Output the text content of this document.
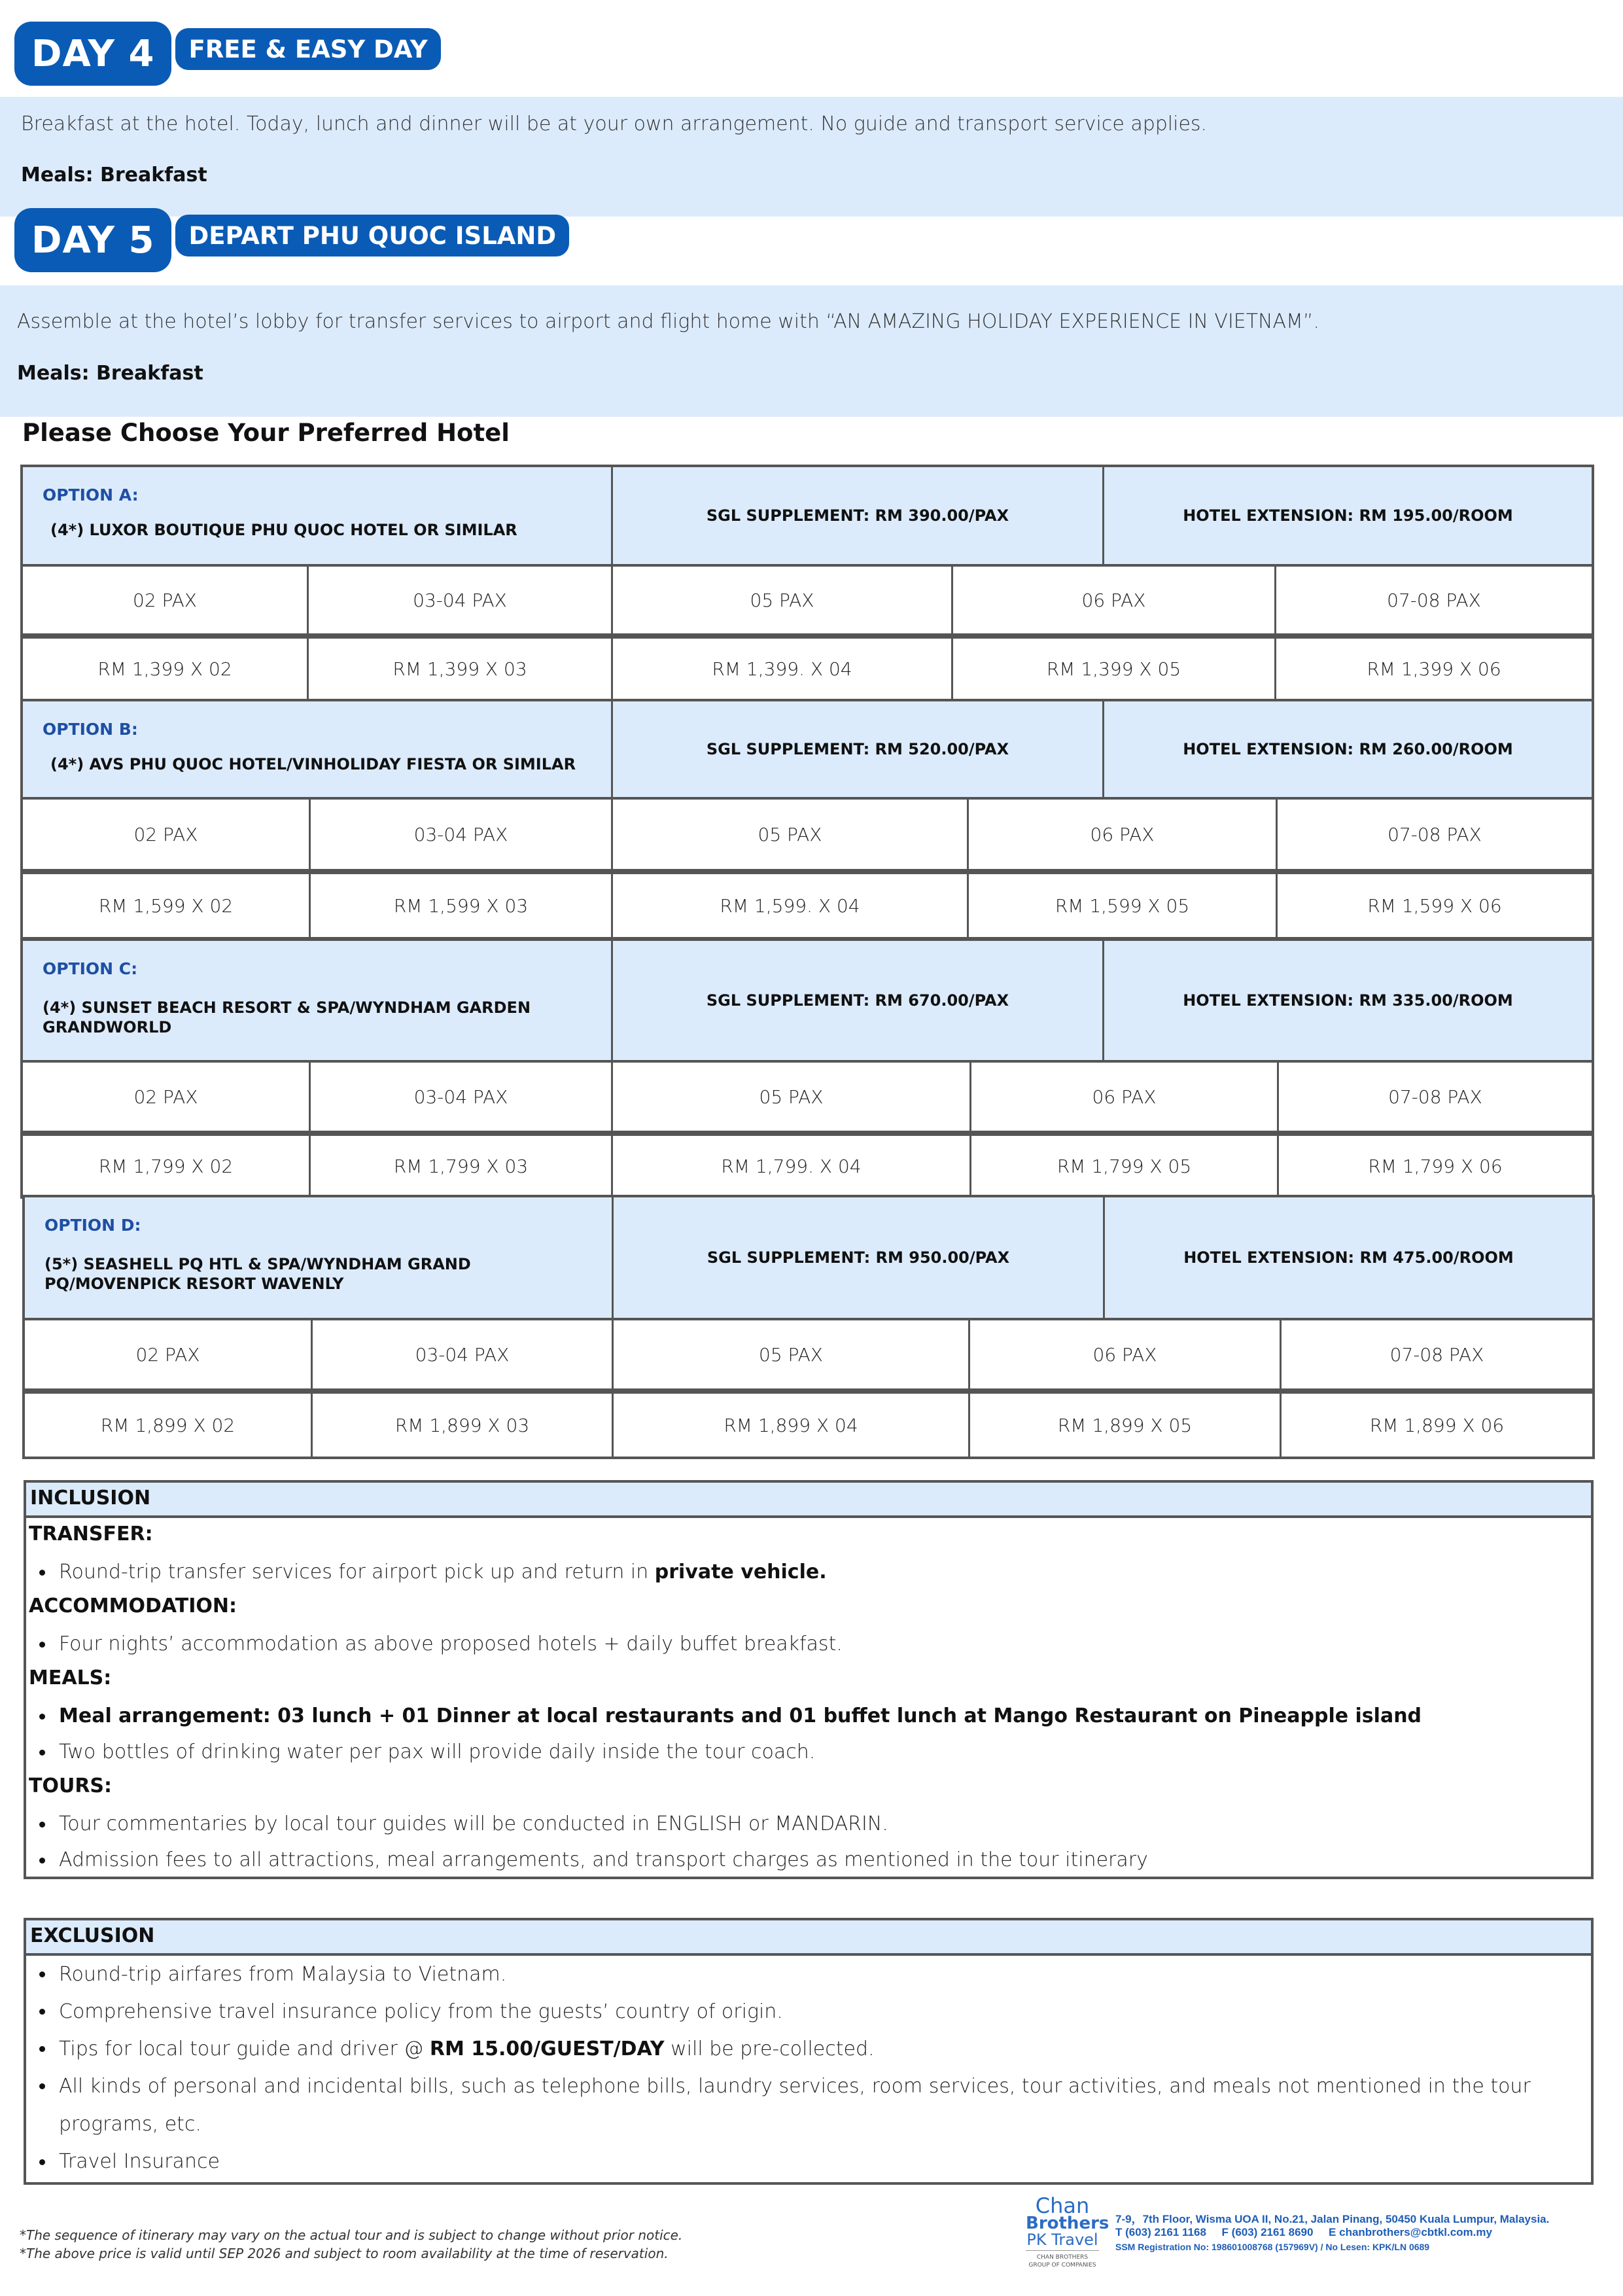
Breakfast at the hotel. Today, lunch and dinner will be at your own arrangement. No guide and transport service applies.
Meals: Breakfast
DAY 4	FREE & EASY DAY
Assemble at the hotel’s lobby for transfer services to airport and flight home with “AN AMAZING HOLIDAY EXPERIENCE IN VIETNAM”.
Meals: Breakfast
DAY 5	DEPART PHU QUOC ISLAND
Please Choose Your Preferred Hotel
OPTION A:
(4*) LUXOR BOUTIQUE PHU QUOC HOTEL OR SIMILAR
SGL SUPPLEMENT: RM 390.00/PAX	HOTEL EXTENSION: RM 195.00/ROOM
02 PAX	03-04 PAX	05 PAX	06 PAX	07-08 PAX
RM 1,399 X 02	RM 1,399 X 03	RM 1,399. X 04	RM 1,399 X 05	RM 1,399 X 06
OPTION B:
(4*) AVS PHU QUOC HOTEL/VINHOLIDAY FIESTA OR SIMILAR
SGL SUPPLEMENT: RM 520.00/PAX	HOTEL EXTENSION: RM 260.00/ROOM
02 PAX	03-04 PAX	05 PAX	06 PAX	07-08 PAX
RM 1,599 X 02	RM 1,599 X 03	RM 1,599. X 04	RM 1,599 X 05	RM 1,599 X 06
OPTION C:
(4*) SUNSET BEACH RESORT & SPA/WYNDHAM GARDEN GRANDWORLD
SGL SUPPLEMENT: RM 670.00/PAX	HOTEL EXTENSION: RM 335.00/ROOM
02 PAX	03-04 PAX	05 PAX	06 PAX	07-08 PAX
RM 1,799 X 02	RM 1,799 X 03	RM 1,799. X 04	RM 1,799 X 05	RM 1,799 X 06
OPTION D:
(5*) SEASHELL PQ HTL & SPA/WYNDHAM GRAND PQ/MOVENPICK RESORT WAVENLY
SGL SUPPLEMENT: RM 950.00/PAX	HOTEL EXTENSION: RM 475.00/ROOM
02 PAX	03-04 PAX	05 PAX	06 PAX	07-08 PAX
RM 1,899 X 02	RM 1,899 X 03	RM 1,899 X 04	RM 1,899 X 05	RM 1,899 X 06
INCLUSION
TRANSFER:
Round-trip transfer services for airport pick up and return in private vehicle.
ACCOMMODATION:
Four nights’ accommodation as above proposed hotels + daily buffet breakfast.
MEALS:
Meal arrangement: 03 lunch + 01 Dinner at local restaurants and 01 buffet lunch at Mango Restaurant on Pineapple island
Two bottles of drinking water per pax will provide daily inside the tour coach.
TOURS:
Tour commentaries by local tour guides will be conducted in ENGLISH or MANDARIN.
Admission fees to all attractions, meal arrangements, and transport charges as mentioned in the tour itinerary
EXCLUSION
Round-trip airfares from Malaysia to Vietnam.
Comprehensive travel insurance policy from the guests’ country of origin.
Tips for local tour guide and driver @ RM 15.00/GUEST/DAY will be pre-collected.
All kinds of personal and incidental bills, such as telephone bills, laundry services, room services, tour activities, and meals not mentioned in the tour
programs, etc.
Travel Insurance
*The sequence of itinerary may vary on the actual tour and is subject to change without prior notice.
*The above price is valid until SEP 2026 and subject to room availability at the time of reservation.
Chan
Brothers
PK Travel
CHAN BROTHERS GROUP OF COMPANIES
7-9，7th Floor, Wisma UOA II, No.21, Jalan Pinang, 50450 Kuala Lumpur, Malaysia.
T (603) 2161 1168     F (603) 2161 8690     E chanbrothers@cbtkl.com.my
SSM Registration No: 198601008768 (157969V) / No Lesen: KPK/LN 0689
